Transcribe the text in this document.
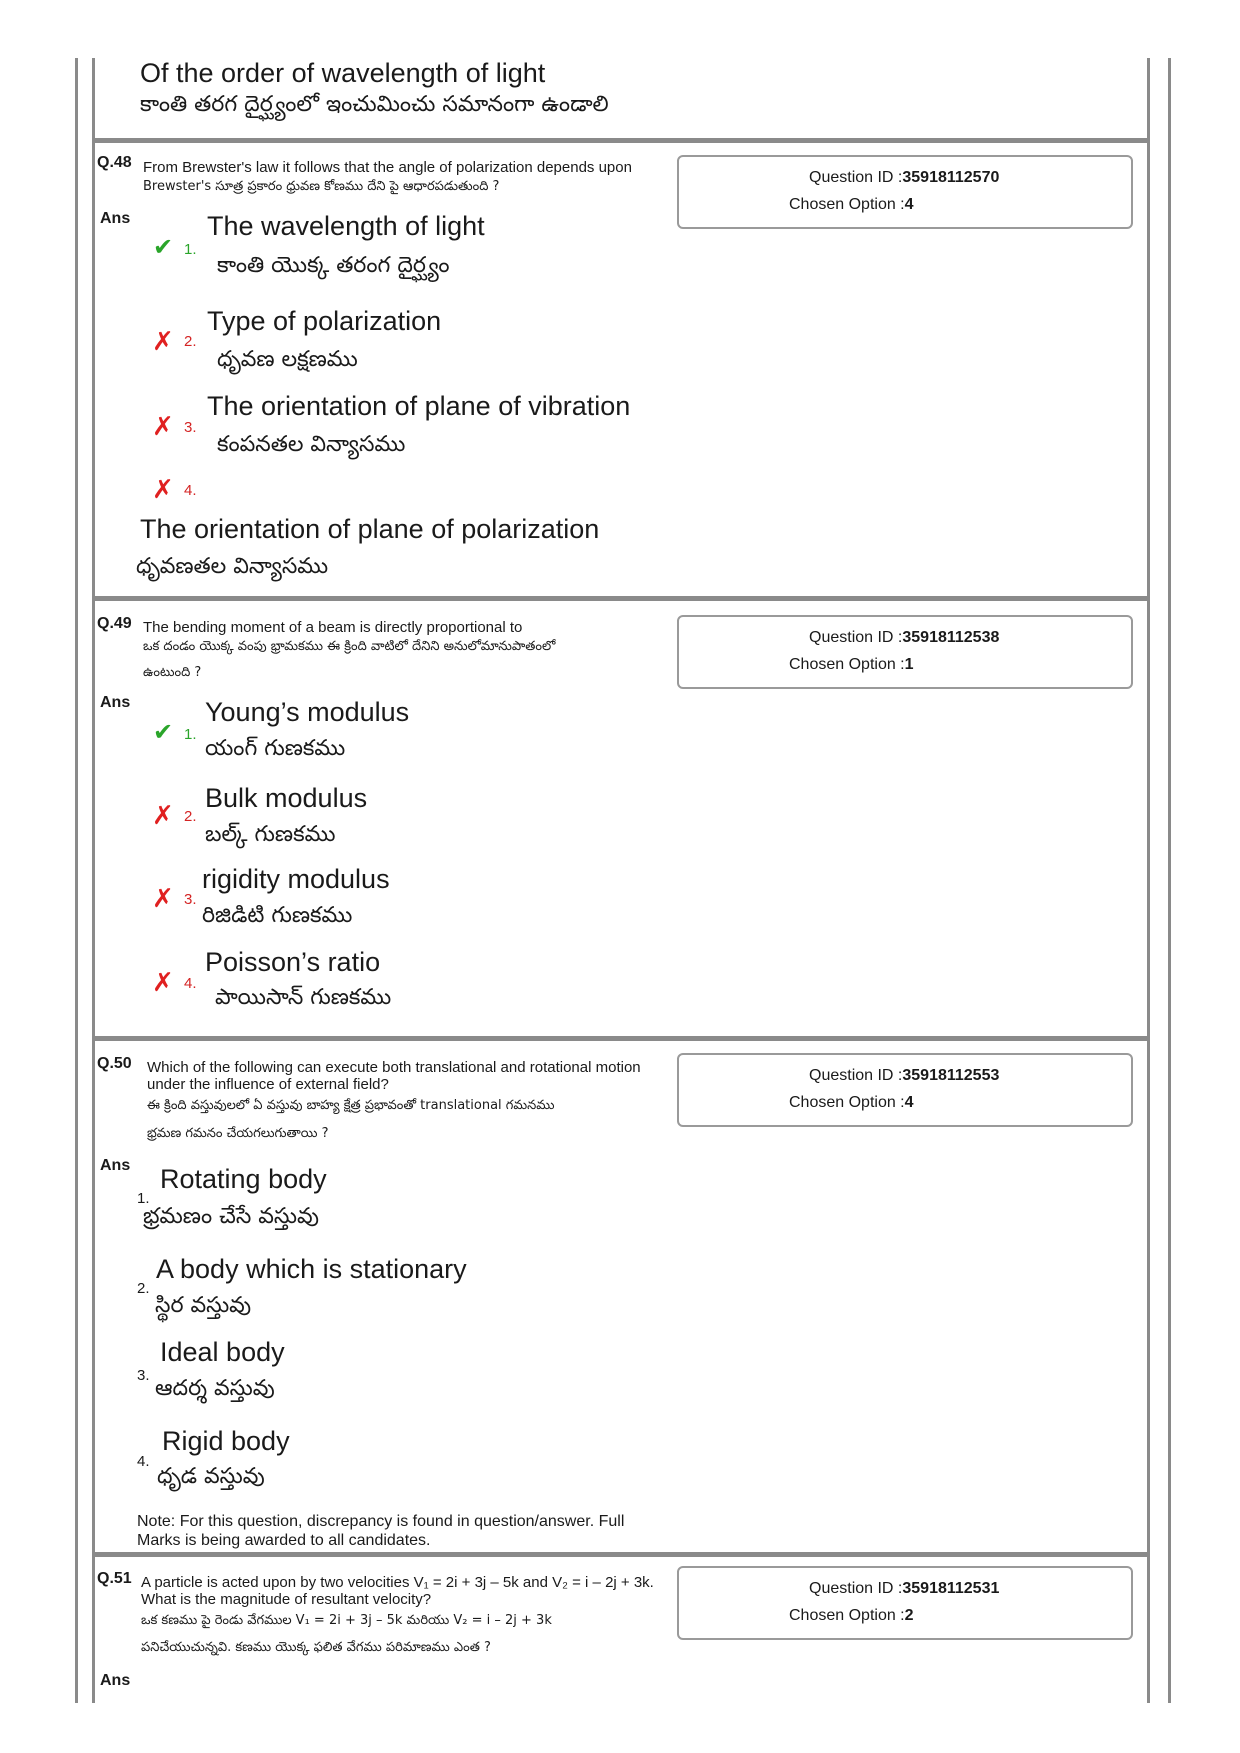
Of the order of wavelength of light
కాంతి తరగ దైర్ఘ్యంలో ఇంచుమించు సమానంగా ఉండాలి
Q.48 From Brewster's law it follows that the angle of polarization depends upon
Brewster's సూత్ర ప్రకారం ధ్రువణ కోణము దేని పై ఆధారపడుతుంది ?
Question ID :35918112570
Chosen Option :4
Ans
✔ 1.
The wavelength of light
కాంతి యొక్క తరంగ దైర్ఘ్యం
✗ 2.
Type of polarization
ధృవణ లక్షణము
✗ 3.
The orientation of plane of vibration
కంపనతల విన్యాసము
✗ 4.
The orientation of plane of polarization
ధృవణతల విన్యాసము
Q.49 The bending moment of a beam is directly proportional to
ఒక దండం యొక్క వంపు భ్రామకము ఈ క్రింది వాటిలో దేనిని అనులోమానుపాతంలో
ఉంటుంది ?
Question ID :35918112538
Chosen Option :1
Ans
✔ 1.
Young’s modulus
యంగ్ గుణకము
✗ 2.
Bulk modulus
బల్క్ గుణకము
✗ 3.
rigidity modulus
రిజిడిటి గుణకము
✗ 4.
Poisson’s ratio
పాయిసాన్ గుణకము
Q.50 Which of the following can execute both translational and rotational motion
under the influence of external field?
ఈ క్రింది వస్తువులలో ఏ వస్తువు బాహ్య క్షేత్ర ప్రభావంతో translational గమనము
భ్రమణ గమనం చేయగలుగుతాయి ?
Question ID :35918112553
Chosen Option :4
Ans
1.
Rotating body
భ్రమణం చేసే వస్తువు
2.
A body which is stationary
స్థిర వస్తువు
3.
Ideal body
ఆదర్శ వస్తువు
4.
Rigid body
ధృడ వస్తువు
Note: For this question, discrepancy is found in question/answer. Full
Marks is being awarded to all candidates.
Q.51 A particle is acted upon by two velocities V₁ = 2i + 3j – 5k and V₂ = i – 2j + 3k.
What is the magnitude of resultant velocity?
ఒక కణము పై రెండు వేగముల V₁ = 2i + 3j – 5k మరియు V₂ = i – 2j + 3k
పనిచేయుచున్నవి. కణము యొక్క ఫలిత వేగము పరిమాణము ఎంత ?
Question ID :35918112531
Chosen Option :2
Ans
